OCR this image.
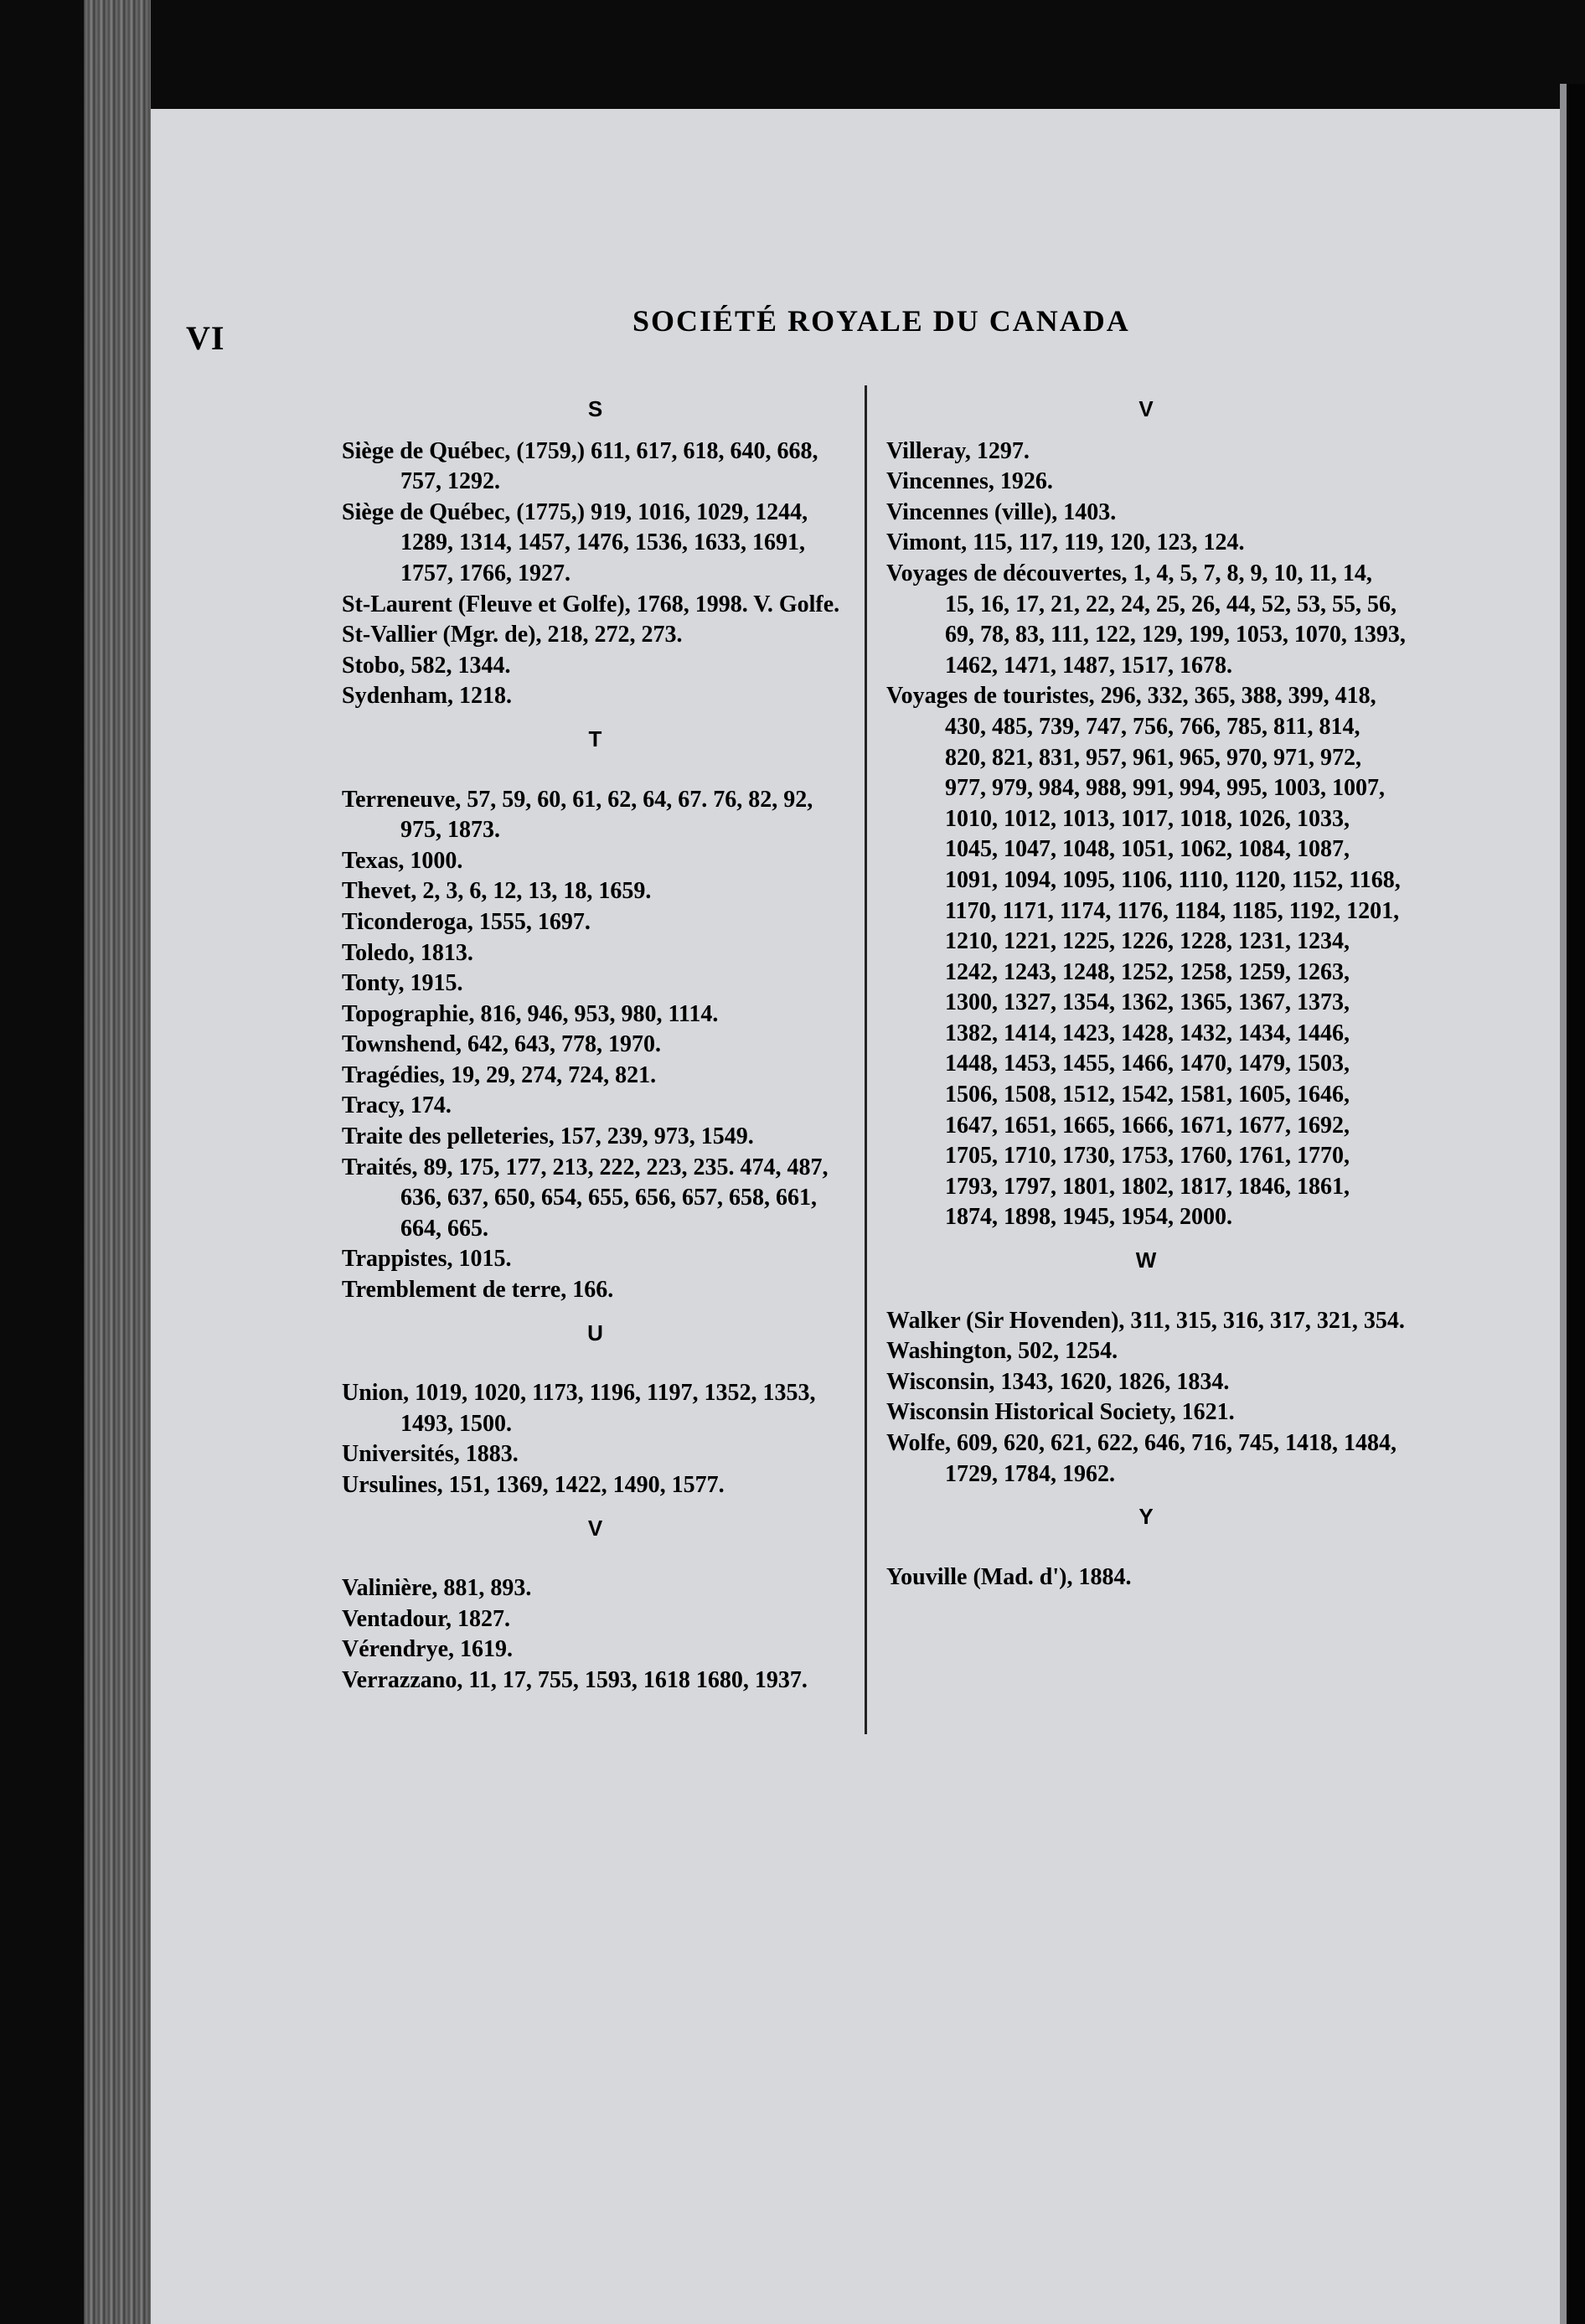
VI	SOCIÉTÉ ROYALE DU CANADA
S
Siège de Québec, (1759,) 611, 617, 618, 640, 668, 757, 1292.
Siège de Québec, (1775,) 919, 1016, 1029, 1244, 1289, 1314, 1457, 1476, 1536, 1633, 1691, 1757, 1766, 1927.
St-Laurent (Fleuve et Golfe), 1768, 1998. V. Golfe.
St-Vallier (Mgr. de), 218, 272, 273.
Stobo, 582, 1344.
Sydenham, 1218.
T
Terreneuve, 57, 59, 60, 61, 62, 64, 67. 76, 82, 92, 975, 1873.
Texas, 1000.
Thevet, 2, 3, 6, 12, 13, 18, 1659.
Ticonderoga, 1555, 1697.
Toledo, 1813.
Tonty, 1915.
Topographie, 816, 946, 953, 980, 1114.
Townshend, 642, 643, 778, 1970.
Tragédies, 19, 29, 274, 724, 821.
Tracy, 174.
Traite des pelleteries, 157, 239, 973, 1549.
Traités, 89, 175, 177, 213, 222, 223, 235. 474, 487, 636, 637, 650, 654, 655, 656, 657, 658, 661, 664, 665.
Trappistes, 1015.
Tremblement de terre, 166.
U
Union, 1019, 1020, 1173, 1196, 1197, 1352, 1353, 1493, 1500.
Universités, 1883.
Ursulines, 151, 1369, 1422, 1490, 1577.
V
Valinière, 881, 893.
Ventadour, 1827.
Vérendrye, 1619.
Verrazzano, 11, 17, 755, 1593, 1618 1680, 1937.
V
Villeray, 1297.
Vincennes, 1926.
Vincennes (ville), 1403.
Vimont, 115, 117, 119, 120, 123, 124.
Voyages de découvertes, 1, 4, 5, 7, 8, 9, 10, 11, 14, 15, 16, 17, 21, 22, 24, 25, 26, 44, 52, 53, 55, 56, 69, 78, 83, 111, 122, 129, 199, 1053, 1070, 1393, 1462, 1471, 1487, 1517, 1678.
Voyages de touristes, 296, 332, 365, 388, 399, 418, 430, 485, 739, 747, 756, 766, 785, 811, 814, 820, 821, 831, 957, 961, 965, 970, 971, 972, 977, 979, 984, 988, 991, 994, 995, 1003, 1007, 1010, 1012, 1013, 1017, 1018, 1026, 1033, 1045, 1047, 1048, 1051, 1062, 1084, 1087, 1091, 1094, 1095, 1106, 1110, 1120, 1152, 1168, 1170, 1171, 1174, 1176, 1184, 1185, 1192, 1201, 1210, 1221, 1225, 1226, 1228, 1231, 1234, 1242, 1243, 1248, 1252, 1258, 1259, 1263, 1300, 1327, 1354, 1362, 1365, 1367, 1373, 1382, 1414, 1423, 1428, 1432, 1434, 1446, 1448, 1453, 1455, 1466, 1470, 1479, 1503, 1506, 1508, 1512, 1542, 1581, 1605, 1646, 1647, 1651, 1665, 1666, 1671, 1677, 1692, 1705, 1710, 1730, 1753, 1760, 1761, 1770, 1793, 1797, 1801, 1802, 1817, 1846, 1861, 1874, 1898, 1945, 1954, 2000.
W
Walker (Sir Hovenden), 311, 315, 316, 317, 321, 354.
Washington, 502, 1254.
Wisconsin, 1343, 1620, 1826, 1834.
Wisconsin Historical Society, 1621.
Wolfe, 609, 620, 621, 622, 646, 716, 745, 1418, 1484, 1729, 1784, 1962.
Y
Youville (Mad. d'), 1884.
